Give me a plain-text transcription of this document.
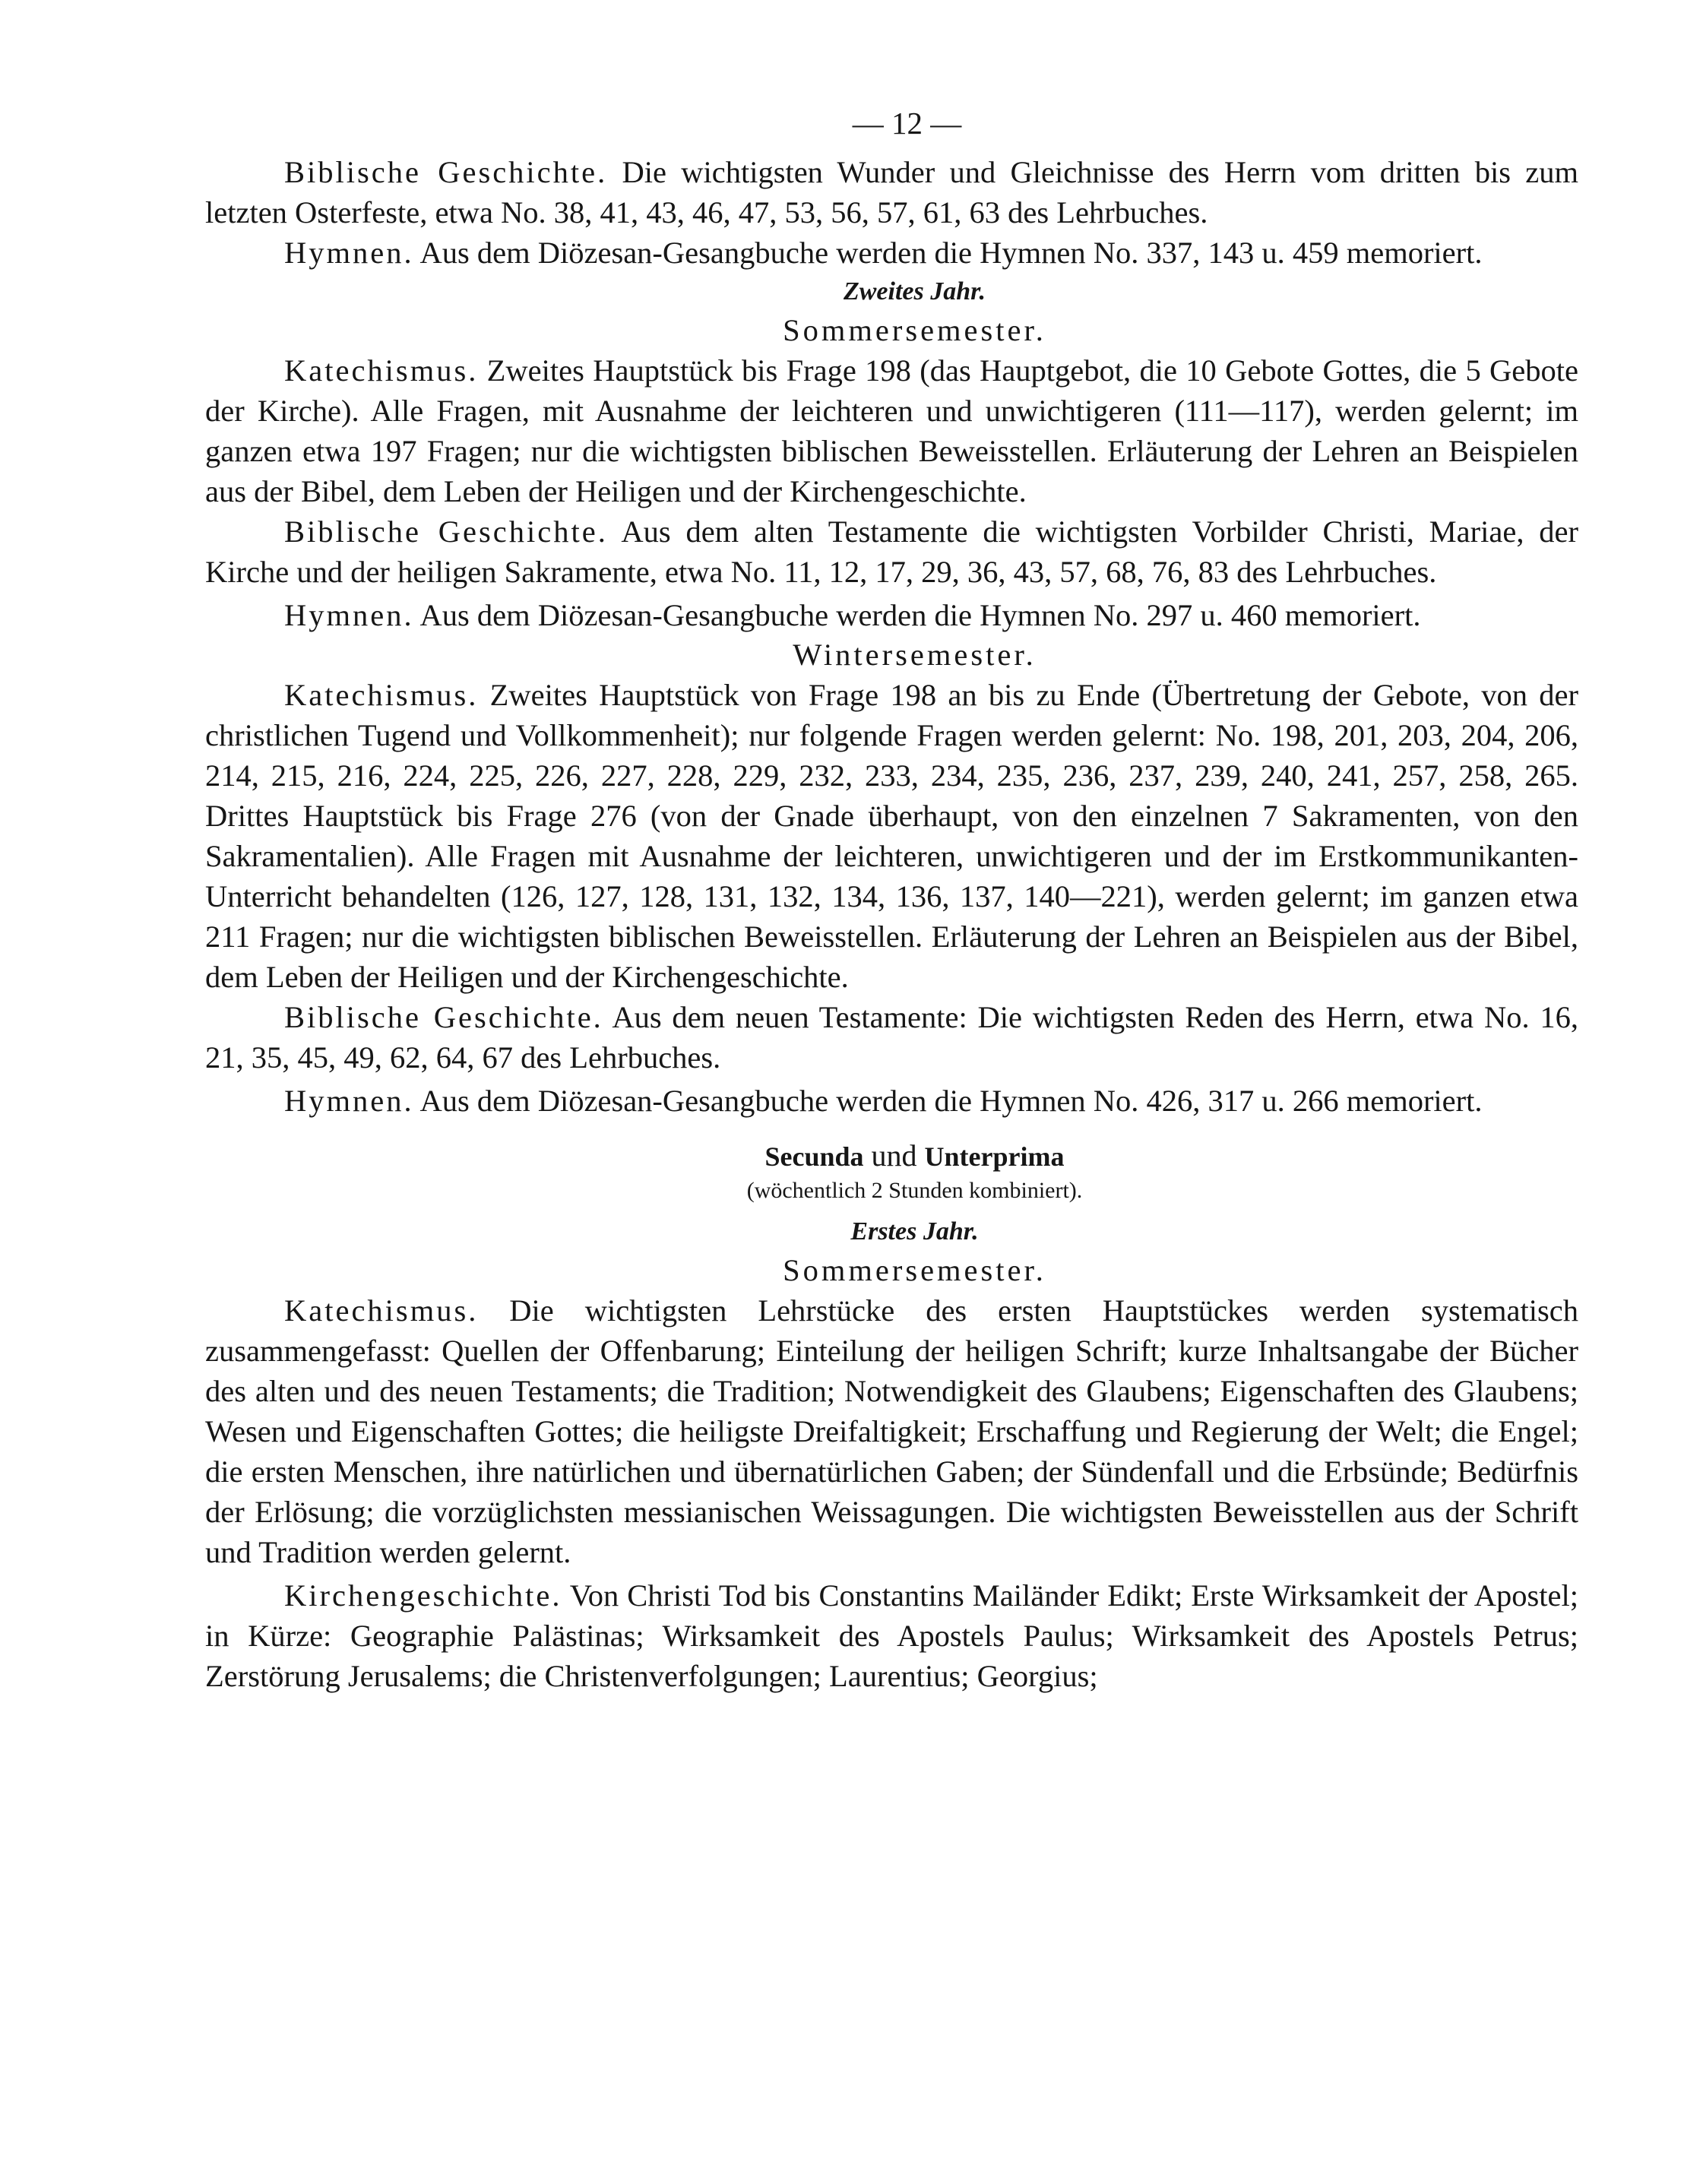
— 12 —

Biblische Geschichte. Die wichtigsten Wunder und Gleichnisse des Herrn vom dritten bis zum letzten Osterfeste, etwa No. 38, 41, 43, 46, 47, 53, 56, 57, 61, 63 des Lehrbuches.

Hymnen. Aus dem Diözesan-Gesangbuche werden die Hymnen No. 337, 143 u. 459 memoriert.

Zweites Jahr.

Sommersemester.

Katechismus. Zweites Hauptstück bis Frage 198 (das Hauptgebot, die 10 Gebote Gottes, die 5 Gebote der Kirche). Alle Fragen, mit Ausnahme der leichteren und unwichtigeren (111—117), werden gelernt; im ganzen etwa 197 Fragen; nur die wichtigsten biblischen Beweisstellen. Erläuterung der Lehren an Beispielen aus der Bibel, dem Leben der Heiligen und der Kirchengeschichte.

Biblische Geschichte. Aus dem alten Testamente die wichtigsten Vorbilder Christi, Mariae, der Kirche und der heiligen Sakramente, etwa No. 11, 12, 17, 29, 36, 43, 57, 68, 76, 83 des Lehrbuches.

Hymnen. Aus dem Diözesan-Gesangbuche werden die Hymnen No. 297 u. 460 memoriert.

Wintersemester.

Katechismus. Zweites Hauptstück von Frage 198 an bis zu Ende (Übertretung der Gebote, von der christlichen Tugend und Vollkommenheit); nur folgende Fragen werden gelernt: No. 198, 201, 203, 204, 206, 214, 215, 216, 224, 225, 226, 227, 228, 229, 232, 233, 234, 235, 236, 237, 239, 240, 241, 257, 258, 265. Drittes Hauptstück bis Frage 276 (von der Gnade überhaupt, von den einzelnen 7 Sakramenten, von den Sakramentalien). Alle Fragen mit Ausnahme der leichteren, unwichtigeren und der im Erstkommunikanten-Unterricht behandelten (126, 127, 128, 131, 132, 134, 136, 137, 140—221), werden gelernt; im ganzen etwa 211 Fragen; nur die wichtigsten biblischen Beweisstellen. Erläuterung der Lehren an Beispielen aus der Bibel, dem Leben der Heiligen und der Kirchengeschichte.

Biblische Geschichte. Aus dem neuen Testamente: Die wichtigsten Reden des Herrn, etwa No. 16, 21, 35, 45, 49, 62, 64, 67 des Lehrbuches.

Hymnen. Aus dem Diözesan-Gesangbuche werden die Hymnen No. 426, 317 u. 266 memoriert.

Secunda und Unterprima

(wöchentlich 2 Stunden kombiniert).

Erstes Jahr.

Sommersemester.

Katechismus. Die wichtigsten Lehrstücke des ersten Hauptstückes werden systematisch zusammengefasst: Quellen der Offenbarung; Einteilung der heiligen Schrift; kurze Inhaltsangabe der Bücher des alten und des neuen Testaments; die Tradition; Notwendigkeit des Glaubens; Eigenschaften des Glaubens; Wesen und Eigenschaften Gottes; die heiligste Dreifaltigkeit; Erschaffung und Regierung der Welt; die Engel; die ersten Menschen, ihre natürlichen und übernatürlichen Gaben; der Sündenfall und die Erbsünde; Bedürfnis der Erlösung; die vorzüglichsten messianischen Weissagungen. Die wichtigsten Beweisstellen aus der Schrift und Tradition werden gelernt.

Kirchengeschichte. Von Christi Tod bis Constantins Mailänder Edikt; Erste Wirksamkeit der Apostel; in Kürze: Geographie Palästinas; Wirksamkeit des Apostels Paulus; Wirksamkeit des Apostels Petrus; Zerstörung Jerusalems; die Christenverfolgungen; Laurentius; Georgius;
